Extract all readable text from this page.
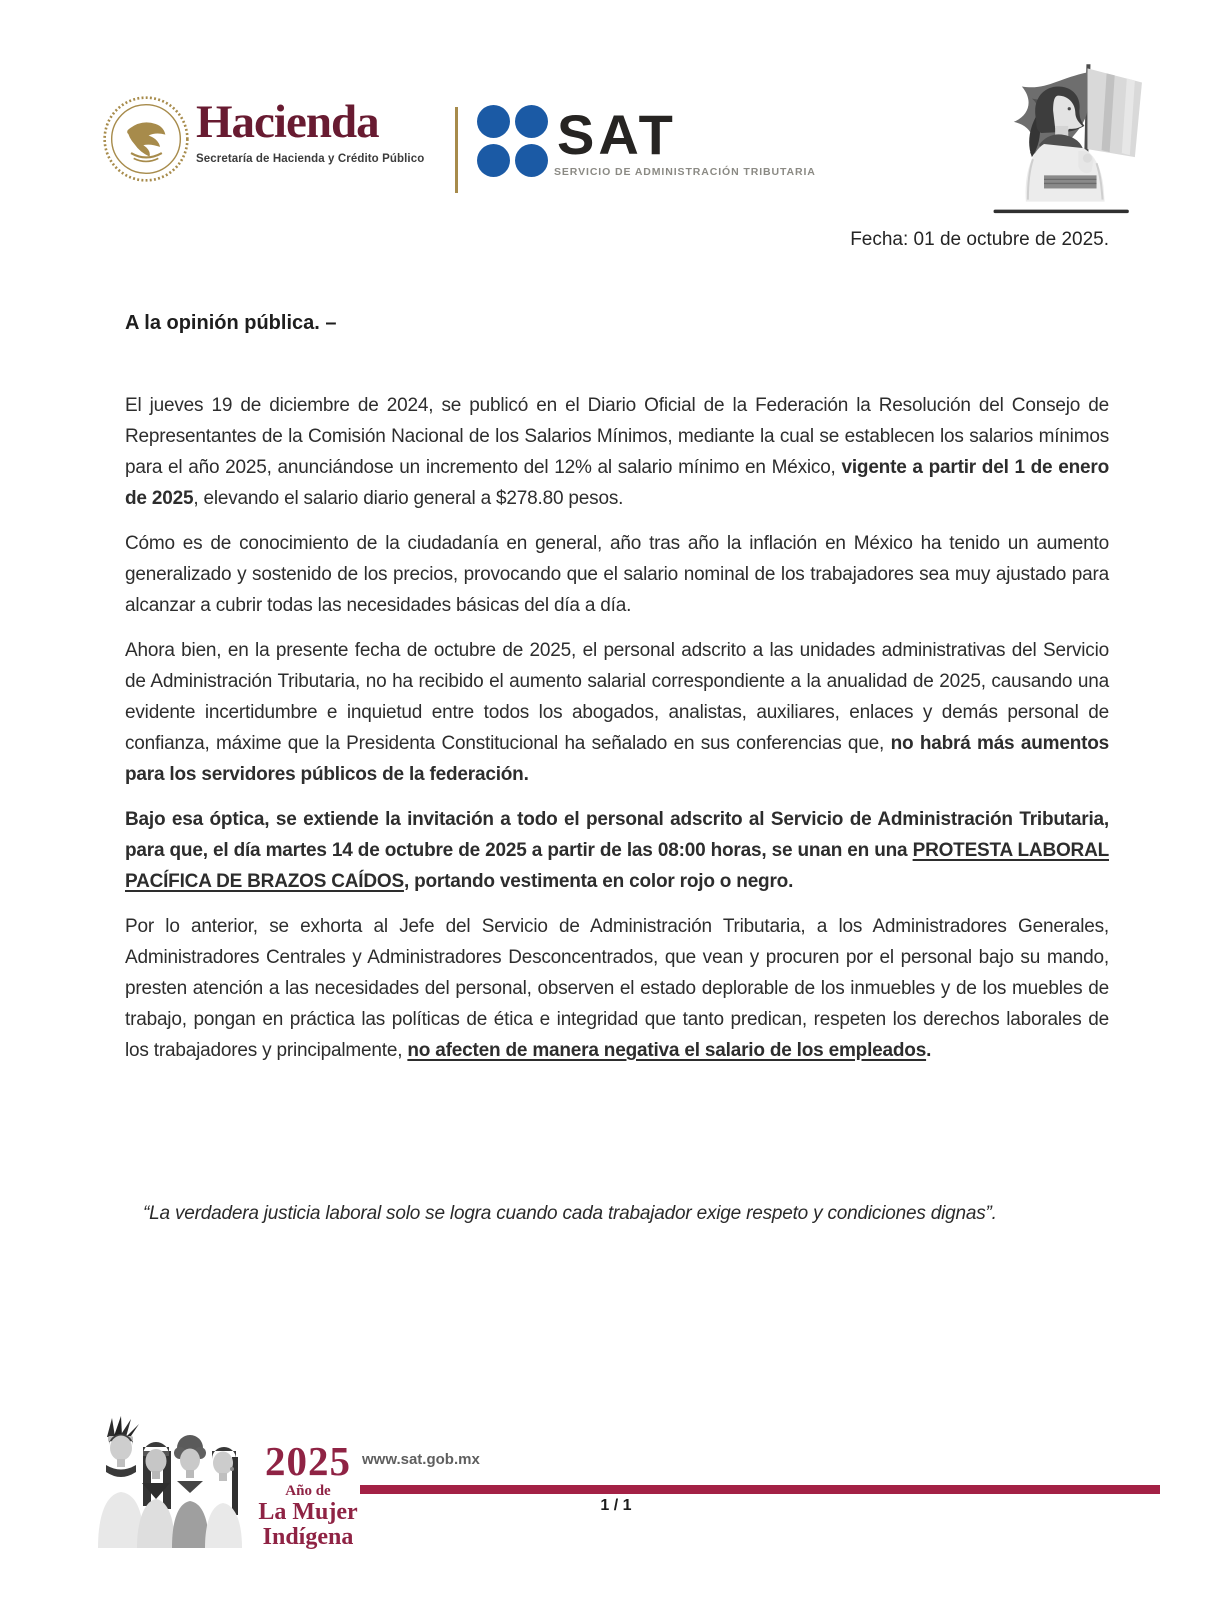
Hacienda
Secretaría de Hacienda y Crédito Público SAT
SERVICIO DE ADMINISTRACIÓN TRIBUTARIA
Fecha: 01 de octubre de 2025.
A la opinión pública. –

El jueves 19 de diciembre de 2024, se publicó en el Diario Oficial de la Federación la Resolución del Consejo de Representantes de la Comisión Nacional de los Salarios Mínimos, mediante la cual se establecen los salarios mínimos para el año 2025, anunciándose un incremento del 12% al salario mínimo en México, vigente a partir del 1 de enero de 2025, elevando el salario diario general a $278.80 pesos.

Cómo es de conocimiento de la ciudadanía en general, año tras año la inflación en México ha tenido un aumento generalizado y sostenido de los precios, provocando que el salario nominal de los trabajadores sea muy ajustado para alcanzar a cubrir todas las necesidades básicas del día a día.

Ahora bien, en la presente fecha de octubre de 2025, el personal adscrito a las unidades administrativas del Servicio de Administración Tributaria, no ha recibido el aumento salarial correspondiente a la anualidad de 2025, causando una evidente incertidumbre e inquietud entre todos los abogados, analistas, auxiliares, enlaces y demás personal de confianza, máxime que la Presidenta Constitucional ha señalado en sus conferencias que, no habrá más aumentos para los servidores públicos de la federación.

Bajo esa óptica, se extiende la invitación a todo el personal adscrito al Servicio de Administración Tributaria, para que, el día martes 14 de octubre de 2025 a partir de las 08:00 horas, se unan en una PROTESTA LABORAL PACÍFICA DE BRAZOS CAÍDOS, portando vestimenta en color rojo o negro.

Por lo anterior, se exhorta al Jefe del Servicio de Administración Tributaria, a los Administradores Generales, Administradores Centrales y Administradores Desconcentrados, que vean y procuren por el personal bajo su mando, presten atención a las necesidades del personal, observen el estado deplorable de los inmuebles y de los muebles de trabajo, pongan en práctica las políticas de ética e integridad que tanto predican, respeten los derechos laborales de los trabajadores y principalmente, no afecten de manera negativa el salario de los empleados.

“La verdadera justicia laboral solo se logra cuando cada trabajador exige respeto y condiciones dignas”.
2025
Año de
La Mujer
Indígena
www.sat.gob.mx
1 / 1
